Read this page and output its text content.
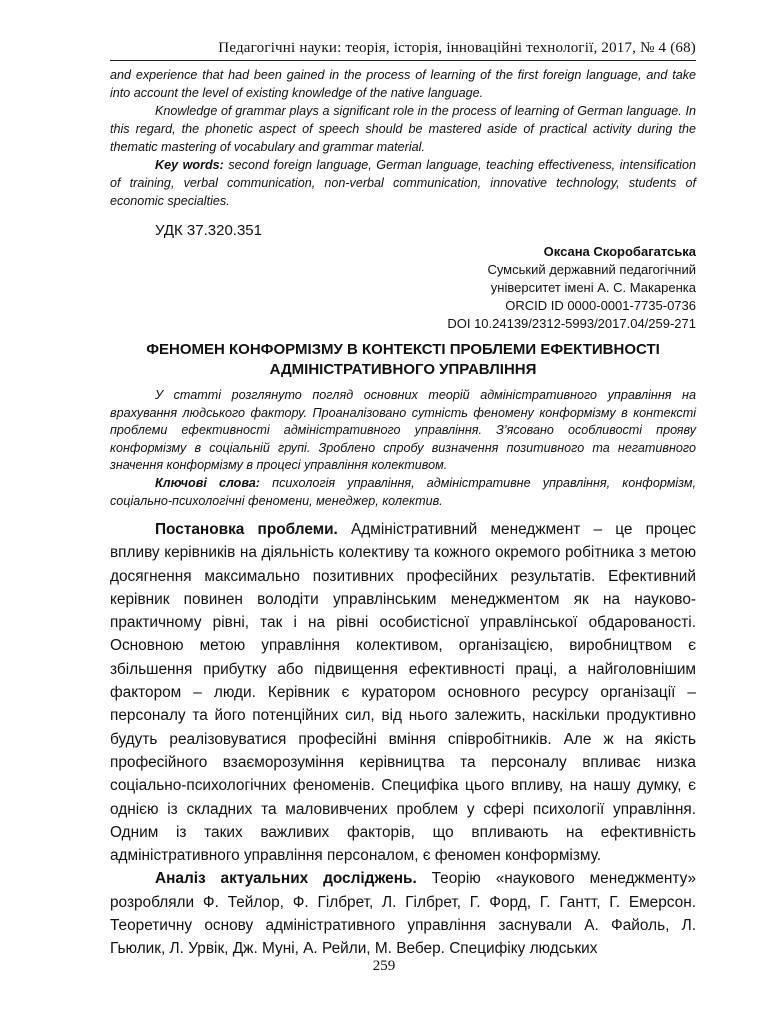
Педагогічні науки: теорія, історія, інноваційні технології, 2017, № 4 (68)

and experience that had been gained in the process of learning of the first foreign language, and take into account the level of existing knowledge of the native language.

Knowledge of grammar plays a significant role in the process of learning of German language. In this regard, the phonetic aspect of speech should be mastered aside of practical activity during the thematic mastering of vocabulary and grammar material.

Key words: second foreign language, German language, teaching effectiveness, intensification of training, verbal communication, non-verbal communication, innovative technology, students of economic specialties.

УДК 37.320.351
Оксана Скоробагатська
Сумський державний педагогічний
університет імені А. С. Макаренка
ORCID ID 0000-0001-7735-0736
DOI 10.24139/2312-5993/2017.04/259-271
ФЕНОМЕН КОНФОРМІЗМУ В КОНТЕКСТІ ПРОБЛЕМИ ЕФЕКТИВНОСТІ
АДМІНІСТРАТИВНОГО УПРАВЛІННЯ

У статті розглянуто погляд основних теорій адміністративного управління на врахування людського фактору. Проаналізовано сутність феномену конформізму в контексті проблеми ефективності адміністративного управління. З’ясовано особливості прояву конформізму в соціальній групі. Зроблено спробу визначення позитивного та негативного значення конформізму в процесі управління колективом.

Ключові слова: психологія управління, адміністративне управління, конформізм, соціально-психологічні феномени, менеджер, колектив.

Постановка проблеми. Адміністративний менеджмент – це процес впливу керівників на діяльність колективу та кожного окремого робітника з метою досягнення максимально позитивних професійних результатів. Ефективний керівник повинен володіти управлінським менеджментом як на науково-практичному рівні, так і на рівні особистісної управлінської обдарованості. Основною метою управління колективом, організацією, виробництвом є збільшення прибутку або підвищення ефективності праці, а найголовнішим фактором – люди. Керівник є куратором основного ресурсу організації – персоналу та його потенційних сил, від нього залежить, наскільки продуктивно будуть реалізовуватися професійні вміння співробітників. Але ж на якість професійного взаєморозуміння керівництва та персоналу впливає низка соціально-психологічних феноменів. Специфіка цього впливу, на нашу думку, є однією із складних та маловивчених проблем у сфері психології управління. Одним із таких важливих факторів, що впливають на ефективність адміністративного управління персоналом, є феномен конформізму.

Аналіз актуальних досліджень. Теорію «наукового менеджменту» розробляли Ф. Тейлор, Ф. Гілбрет, Л. Гілбрет, Г. Форд, Г. Гантт, Г. Емерсон. Теоретичну основу адміністративного управління заснували А. Файоль, Л. Гьюлик, Л. Урвік, Дж. Муні, А. Рейли, М. Вебер. Специфіку людських

259
